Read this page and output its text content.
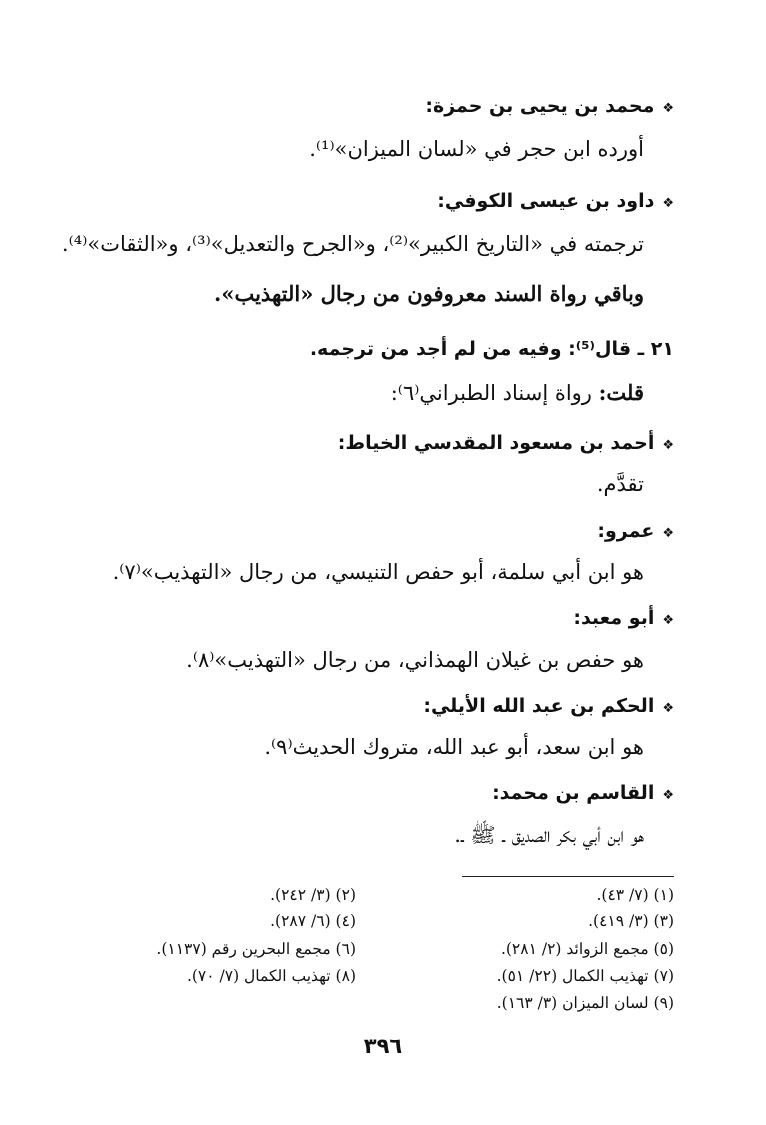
❖محمد بن يحيى بن حمزة:
أورده ابن حجر في «لسان الميزان»⁽¹⁾.
❖داود بن عيسى الكوفي:
ترجمته في «التاريخ الكبير»⁽²⁾، و«الجرح والتعديل»⁽³⁾، و«الثقات»⁽⁴⁾.
وباقي رواة السند معروفون من رجال «التهذيب».
٢١ ـ قال⁽⁵⁾: وفيه من لم أجد من ترجمه.
قلت: رواة إسناد الطبراني⁽٦⁾:
❖أحمد بن مسعود المقدسي الخياط:
تقدَّم.
❖عمرو:
هو ابن أبي سلمة، أبو حفص التنيسي، من رجال «التهذيب»⁽٧⁾.
❖أبو معبد:
هو حفص بن غيلان الهمذاني، من رجال «التهذيب»⁽٨⁾.
❖الحكم بن عبد الله الأيلي:
هو ابن سعد، أبو عبد الله، متروك الحديث⁽٩⁾.
❖القاسم بن محمد:
هو ابن أبي بكر الصديق ـ ﷺ ـ.
(١) (٧/ ٤٣).
(٢) (٣/ ٢٤٢).
(٣) (٣/ ٤١٩).
(٤) (٦/ ٢٨٧).
(٥) مجمع الزوائد (٢/ ٢٨١).
(٦) مجمع البحرين رقم (١١٣٧).
(٧) تهذيب الكمال (٢٢/ ٥١).
(٨) تهذيب الكمال (٧/ ٧٠).
(٩) لسان الميزان (٣/ ١٦٣).
٣٩٦
